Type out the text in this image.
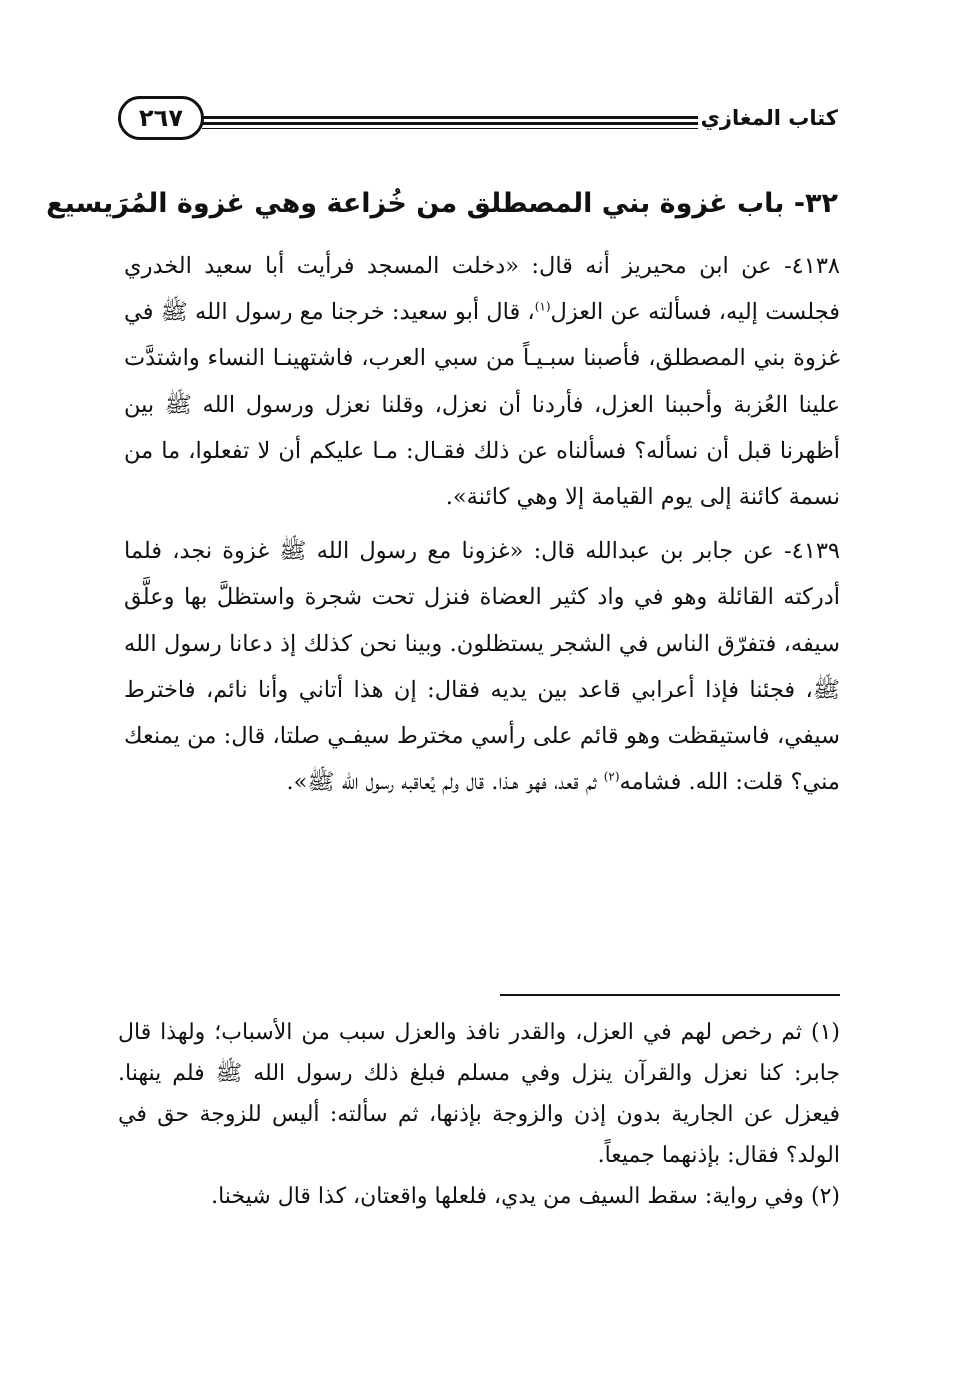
كتاب المغازي
٢٦٧
٣٢- باب غزوة بني المصطلق من خُزاعة وهي غزوة المُرَيسيع

٤١٣٨- عن ابن محيريز أنه قال: «دخلت المسجد فرأيت أبا سعيد الخدري فجلست إليه، فسألته عن العزل$^{(١)}$، قال أبو سعيد: خرجنا مع رسول الله ﷺ في غزوة بني المصطلق، فأصبنا سبـيـاً من سبي العرب، فاشتهينـا النساء واشتدَّت علينا العُزبة وأحببنا العزل، فأردنا أن نعزل، وقلنا نعزل ورسول الله ﷺ بين أظهرنا قبل أن نسأله؟ فسألناه عن ذلك فقـال: مـا عليكم أن لا تفعلوا، ما من نسمة كائنة إلى يوم القيامة إلا وهي كائنة».

٤١٣٩- عن جابر بن عبدالله قال: «غزونا مع رسول الله ﷺ غزوة نجد، فلما أدركته القائلة وهو في واد كثير العضاة فنزل تحت شجرة واستظلَّ بها وعلَّق سيفه، فتفرّق الناس في الشجر يستظلون. وبينا نحن كذلك إذ دعانا رسول الله ﷺ، فجئنا فإذا أعرابي قاعد بين يديه فقال: إن هذا أتاني وأنا نائم، فاخترط سيفي، فاستيقظت وهو قائم على رأسي مخترط سيفـي صلتا، قال: من يمنعك مني؟ قلت: الله. فشامه$^{(٢)}$ ثم قعد، فهو هـذا. قال ولم يُعاقبه رسول الله ﷺ».

(١) ثم رخص لهم في العزل، والقدر نافذ والعزل سبب من الأسباب؛ ولهذا قال جابر: كنا نعزل والقرآن ينزل وفي مسلم فبلغ ذلك رسول الله ﷺ فلم ينهنا. فيعزل عن الجارية بدون إذن والزوجة بإذنها، ثم سألته: أليس للزوجة حق في الولد؟ فقال: بإذنهما جميعاً.

(٢) وفي رواية: سقط السيف من يدي، فلعلها واقعتان، كذا قال شيخنا.
